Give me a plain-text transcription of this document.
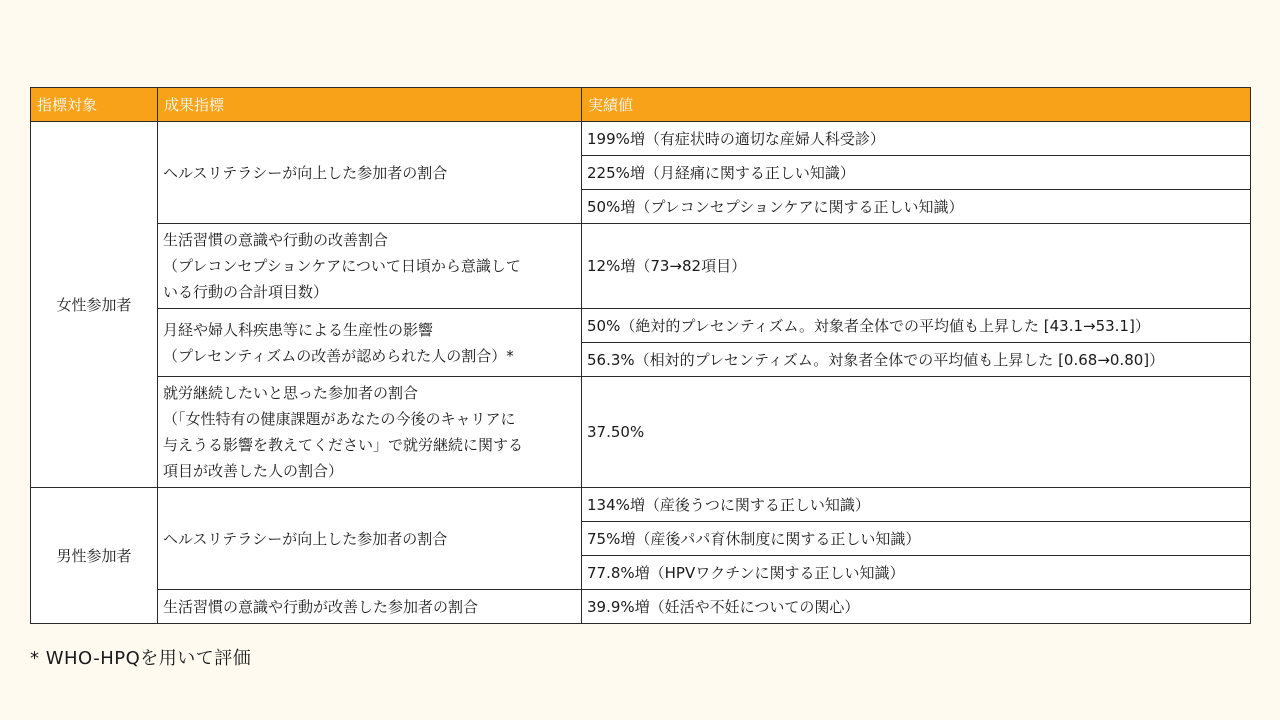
指標対象	成果指標	実績値
女性参加者	ヘルスリテラシーが向上した参加者の割合	199%増（有症状時の適切な産婦人科受診）
		225%増（月経痛に関する正しい知識）
		50%増（プレコンセプションケアに関する正しい知識）

	生活習慣の意識や行動の改善割合
（プレコンセプションケアについて日頃から意識して
いる行動の合計項目数）	12%増（73→82項目）

	月経や婦人科疾患等による生産性の影響
（プレセンティズムの改善が認められた人の割合）*	50%（絶対的プレセンティズム。対象者全体での平均値も上昇した [43.1→53.1]）
		56.3%（相対的プレセンティズム。対象者全体での平均値も上昇した [0.68→0.80]）

	就労継続したいと思った参加者の割合
（「女性特有の健康課題があなたの今後のキャリアに
与えうる影響を教えてください」で就労継続に関する
項目が改善した人の割合）	37.50%
男性参加者	ヘルスリテラシーが向上した参加者の割合	134%増（産後うつに関する正しい知識）
		75%増（産後パパ育休制度に関する正しい知識）
		77.8%増（HPVワクチンに関する正しい知識）

	生活習慣の意識や行動が改善した参加者の割合	39.9%増（妊活や不妊についての関心）
* WHO-HPQを用いて評価
